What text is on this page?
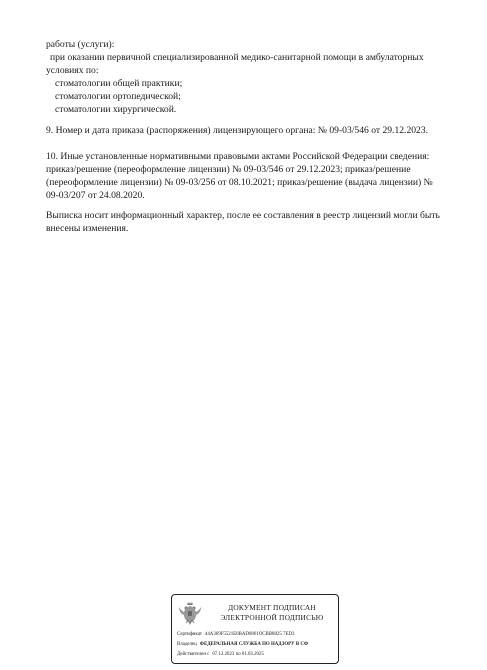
работы (услуги):
при оказании первичной специализированной медико-санитарной помощи в амбулаторных
условиях по:
стоматологии общей практики;
стоматологии ортопедической;
стоматологии хирургической.
9. Номер и дата приказа (распоряжения) лицензирующего органа: № 09-03/546 от 29.12.2023.
10. Иные установленные нормативными правовыми актами Российской Федерации сведения:
приказ/решение (переоформление лицензии) № 09-03/546 от 29.12.2023; приказ/решение
(переоформление лицензии) № 09-03/256 от 08.10.2021; приказ/решение (выдача лицензии) №
09-03/207 от 24.08.2020.
Выписка носит информационный характер, после ее составления в реестр лицензий могли быть
внесены изменения.
ДОКУМЕНТ ПОДПИСАН
ЭЛЕКТРОННОЙ ПОДПИСЬЮ
Сертификат 44A369F5521E0BAD0861OCBB8825 7ED3
Владелец ФЕДЕРАЛЬНАЯ СЛУЖБА ПО НАДЗОРУ В СФ
Действителен с 07.12.2023 по 01.03.2025
